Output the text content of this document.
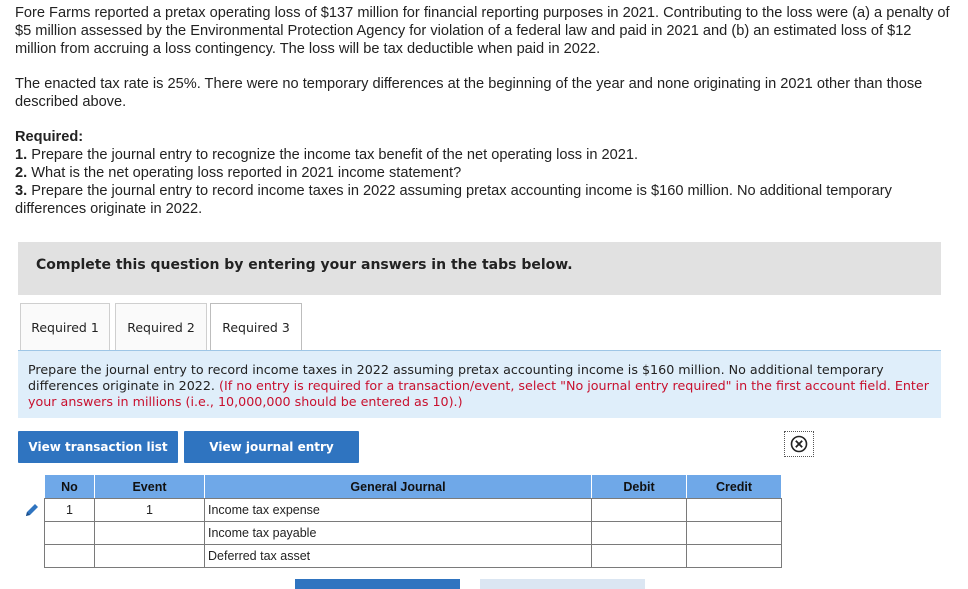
Fore Farms reported a pretax operating loss of $137 million for financial reporting purposes in 2021. Contributing to the loss were (a) a penalty of $5 million assessed by the Environmental Protection Agency for violation of a federal law and paid in 2021 and (b) an estimated loss of $12 million from accruing a loss contingency. The loss will be tax deductible when paid in 2022.

The enacted tax rate is 25%. There were no temporary differences at the beginning of the year and none originating in 2021 other than those described above.

Required:
1. Prepare the journal entry to recognize the income tax benefit of the net operating loss in 2021.
2. What is the net operating loss reported in 2021 income statement?
3. Prepare the journal entry to record income taxes in 2022 assuming pretax accounting income is $160 million. No additional temporary differences originate in 2022.
Complete this question by entering your answers in the tabs below.
Required 1	Required 2	Required 3
Prepare the journal entry to record income taxes in 2022 assuming pretax accounting income is $160 million. No additional temporary differences originate in 2022. (If no entry is required for a transaction/event, select "No journal entry required" in the first account field. Enter your answers in millions (i.e., 10,000,000 should be entered as 10).)
View transaction list	View journal entry
No	Event	General Journal	Debit	Credit
1	1	Income tax expense		
		Income tax payable		
		Deferred tax asset		
